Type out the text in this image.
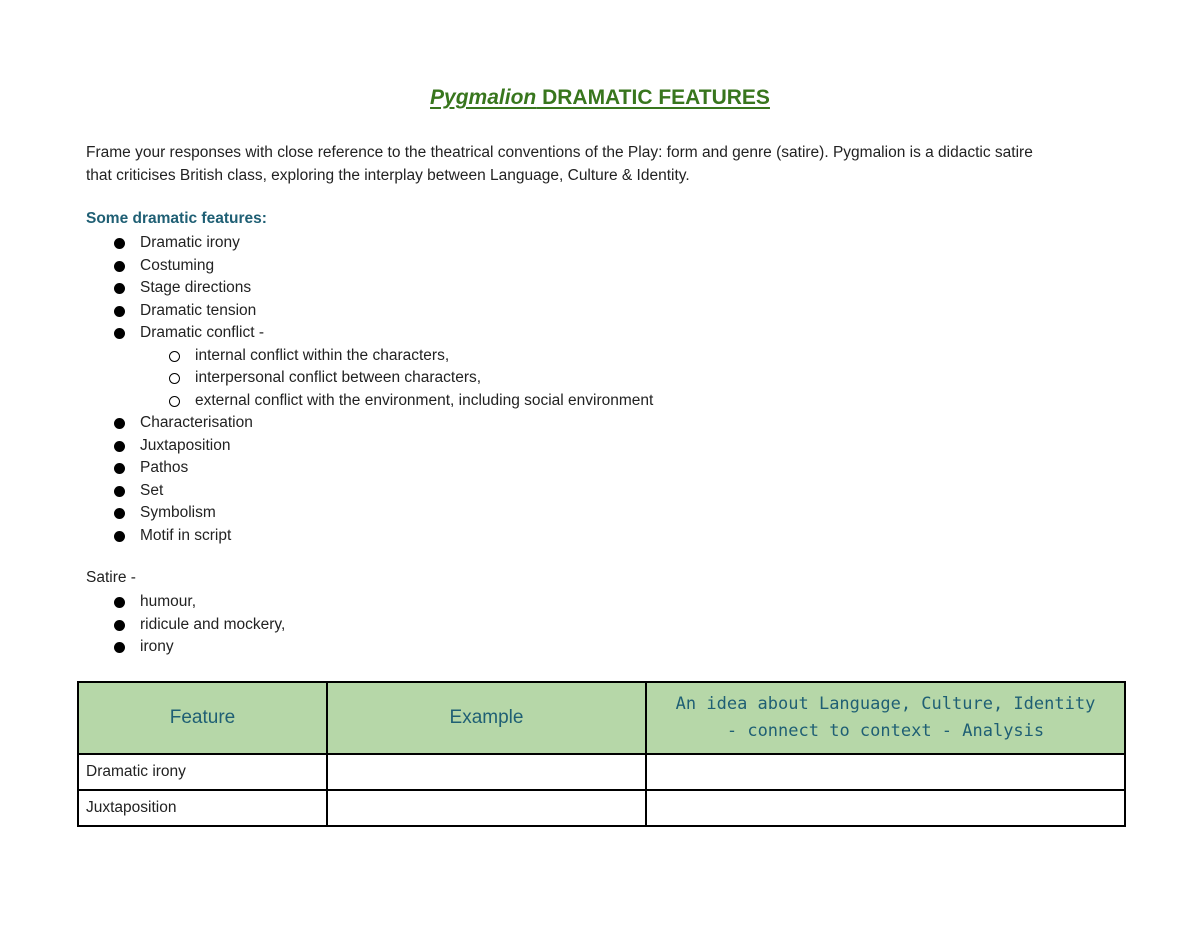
Pygmalion DRAMATIC FEATURES
Frame your responses with close reference to the theatrical conventions of the Play: form and genre (satire). Pygmalion is a didactic satire
that criticises British class, exploring the interplay between Language, Culture & Identity.
Some dramatic features:
Dramatic irony
Costuming
Stage directions
Dramatic tension
Dramatic conflict -
internal conflict within the characters,
interpersonal conflict between characters,
external conflict with the environment, including social environment
Characterisation
Juxtaposition
Pathos
Set
Symbolism
Motif in script
Satire -
humour,
ridicule and mockery,
irony
Feature	Example	An idea about Language, Culture, Identity
- connect to context - Analysis

Dramatic irony		
Juxtaposition		
